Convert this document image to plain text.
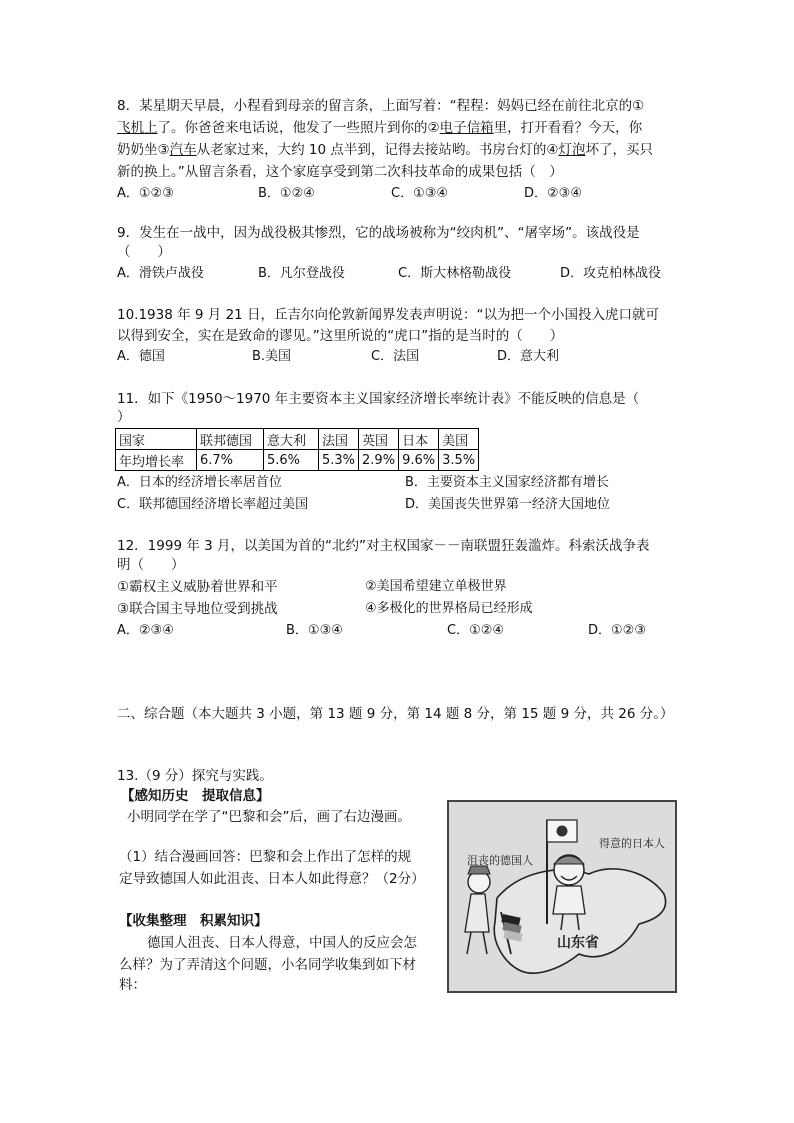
8．某星期天早晨，小程看到母亲的留言条，上面写着：“程程：妈妈已经在前往北京的①
飞机上了。你爸爸来电话说，他发了一些照片到你的②电子信箱里，打开看看？今天，你
奶奶坐③汽车从老家过来，大约 10 点半到，记得去接站哟。书房台灯的④灯泡坏了，买只
新的换上。”从留言条看，这个家庭享受到第二次科技革命的成果包括（　）
A．①②③	B．①②④	C．①③④	D．②③④
9．发生在一战中，因为战役极其惨烈，它的战场被称为“绞肉机”、“屠宰场”。该战役是
（　　）
A．滑铁卢战役	B．凡尔登战役	C．斯大林格勒战役	D．攻克柏林战役
10.1938 年 9 月 21 日，丘吉尔向伦敦新闻界发表声明说：“以为把一个小国投入虎口就可
以得到安全，实在是致命的谬见。”这里所说的“虎口”指的是当时的（　　）
A．德国	B.美国	C．法国	D．意大利
11．如下《1950～1970 年主要资本主义国家经济增长率统计表》不能反映的信息是（
）
国家	联邦德国	意大利	法国	英国	日本	美国
年均增长率	6.7%	5.6%	5.3%	2.9%	9.6%	3.5%
A．日本的经济增长率居首位	B．主要资本主义国家经济都有增长
C．联邦德国经济增长率超过美国	D．美国丧失世界第一经济大国地位
12．1999 年 3 月，以美国为首的“北约”对主权国家－－南联盟狂轰滥炸。科索沃战争表
明（　　）
①霸权主义威胁着世界和平	②美国希望建立单极世界
③联合国主导地位受到挑战	④多极化的世界格局已经形成
A．②③④	B．①③④	C．①②④	D．①②③
二、综合题（本大题共 3 小题，第 13 题 9 分，第 14 题 8 分，第 15 题 9 分，共 26 分。）
13.（9 分）探究与实践。
【感知历史　提取信息】
小明同学在学了“巴黎和会”后，画了右边漫画。
（1）结合漫画回答：巴黎和会上作出了怎样的规
定导致德国人如此沮丧、日本人如此得意？（2分）
【收集整理　积累知识】
德国人沮丧、日本人得意，中国人的反应会怎
么样？为了弄清这个问题，小名同学收集到如下材
料：
得意的日本人
沮丧的德国人
山东省
